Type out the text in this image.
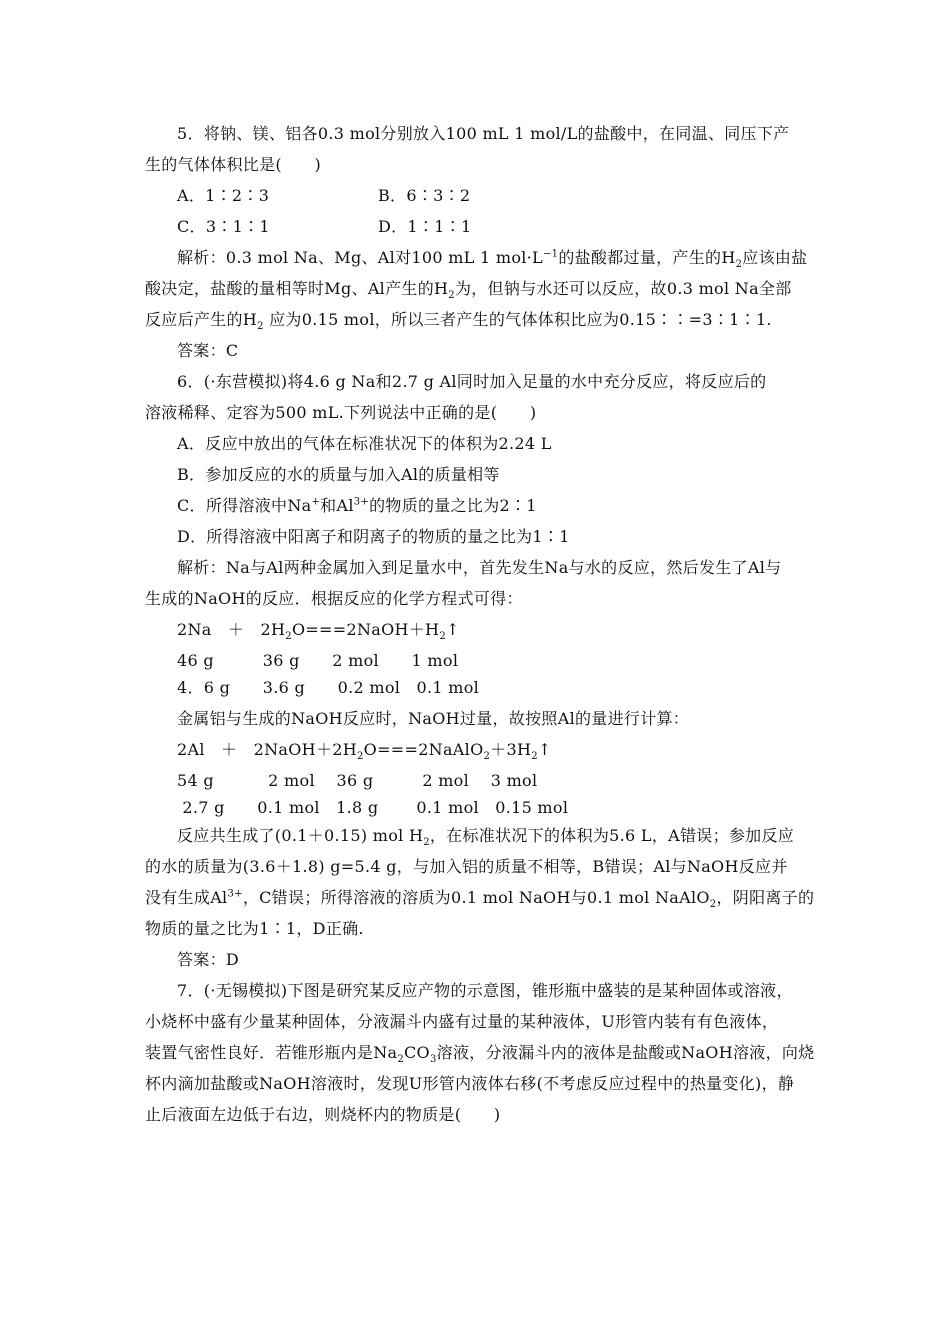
5．将钠、镁、铝各0.3 mol分别放入100 mL 1 mol/L的盐酸中，在同温、同压下产
生的气体体积比是(　　)
A．1∶2∶3	B．6∶3∶2
C．3∶1∶1	D．1∶1∶1
解析：0.3 mol Na、Mg、Al对100 mL 1 $mol\cdot L^{-1}$的盐酸都过量，产生的$H_2$应该由盐
酸决定，盐酸的量相等时Mg、Al产生的$H_2$为，但钠与水还可以反应，故0.3 mol Na全部
反应后产生的$H_2$ 应为0.15 mol，所以三者产生的气体体积比应为0.15∶∶=3∶1∶1.
答案：C
6．(·东营模拟)将4.6 g Na和2.7 g Al同时加入足量的水中充分反应，将反应后的
溶液稀释、定容为500 mL.下列说法中正确的是(　　)
A．反应中放出的气体在标准状况下的体积为2.24 L
B．参加反应的水的质量与加入Al的质量相等
C．所得溶液中Na+和$Al^{3+}$的物质的量之比为2∶1
D．所得溶液中阳离子和阴离子的物质的量之比为1∶1
解析：Na与Al两种金属加入到足量水中，首先发生Na与水的反应，然后发生了Al与
生成的NaOH的反应．根据反应的化学方程式可得：
2Na　＋　$2H_2O===2NaOH+H_2↑$
46 g　　　36 g　　2 mol　　1 mol
4．6 g　　3.6 g　　0.2 mol　0.1 mol
金属铝与生成的NaOH反应时，NaOH过量，故按照Al的量进行计算：
2Al　＋　$2NaOH+2H_2O===2NaAlO_2+3H_2↑$
54 g　　　 2 mol　 36 g　　　2 mol　 3 mol
2.7 g　　0.1 mol　1.8 g　　 0.1 mol　0.15 mol
反应共生成了(0.1＋0.15) mol $H_2$，在标准状况下的体积为5.6 L，A错误；参加反应
的水的质量为(3.6＋1.8) g=5.4 g，与加入铝的质量不相等，B错误；Al与NaOH反应并
没有生成$Al^{3+}$，C错误；所得溶液的溶质为0.1 mol NaOH与0.1 mol NaAlO$_2$，阴阳离子的
物质的量之比为1∶1，D正确.
答案：D
7．(·无锡模拟)下图是研究某反应产物的示意图，锥形瓶中盛装的是某种固体或溶液，
小烧杯中盛有少量某种固体，分液漏斗内盛有过量的某种液体，U形管内装有有色液体，
装置气密性良好．若锥形瓶内是$Na_2CO_3$溶液，分液漏斗内的液体是盐酸或NaOH溶液，向烧
杯内滴加盐酸或NaOH溶液时，发现U形管内液体右移(不考虑反应过程中的热量变化)，静
止后液面左边低于右边，则烧杯内的物质是(　　)
